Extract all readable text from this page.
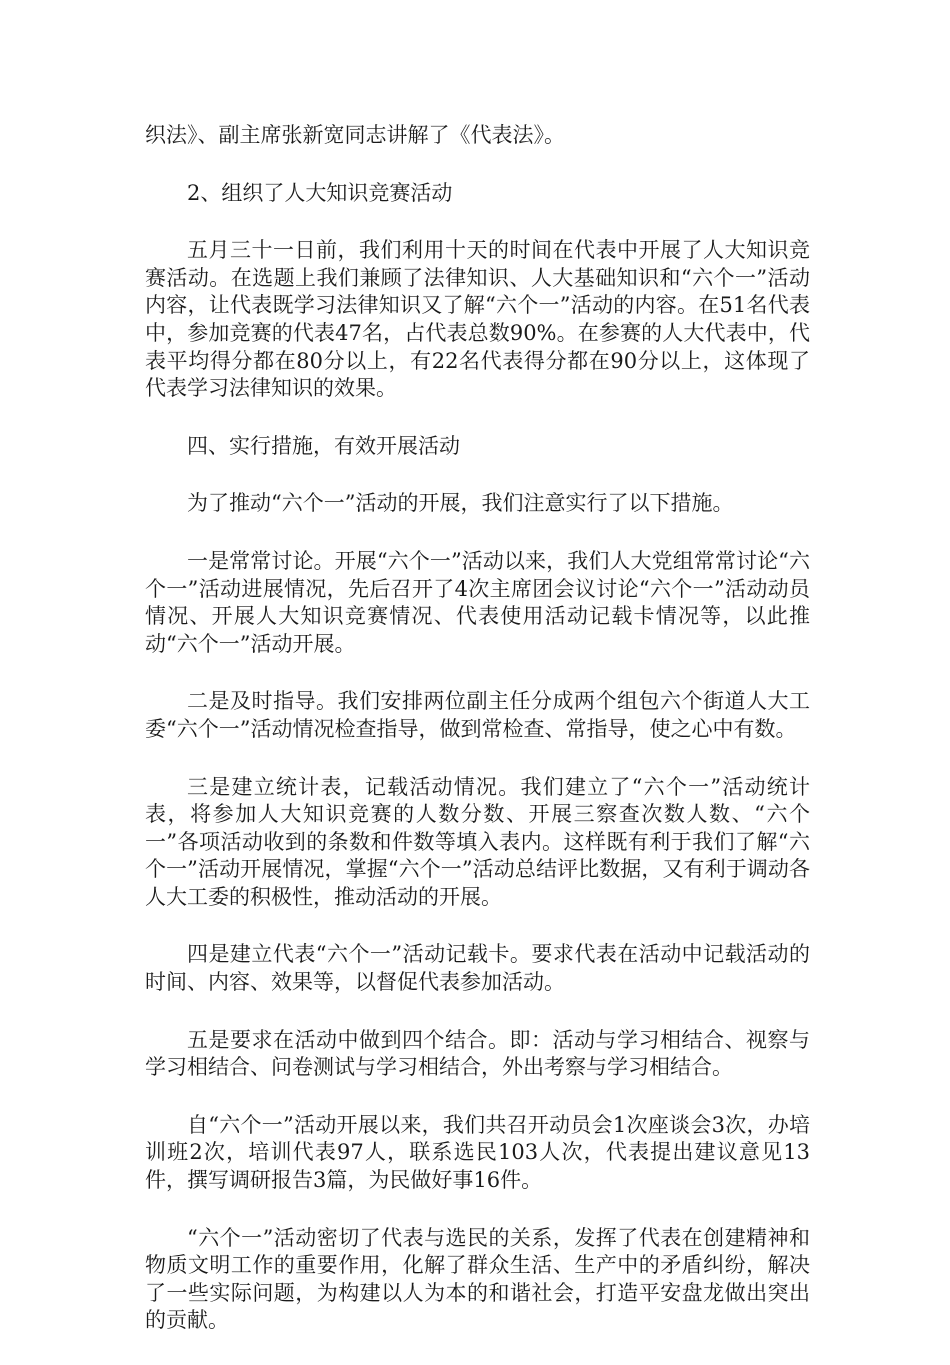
织法》、副主席张新宽同志讲解了《代表法》。

2、组织了人大知识竞赛活动

五月三十一日前，我们利用十天的时间在代表中开展了人大知识竞赛活动。在选题上我们兼顾了法律知识、人大基础知识和“六个一”活动内容，让代表既学习法律知识又了解“六个一”活动的内容。在51名代表中，参加竞赛的代表47名，占代表总数90%。在参赛的人大代表中，代表平均得分都在80分以上，有22名代表得分都在90分以上，这体现了代表学习法律知识的效果。

四、实行措施，有效开展活动

为了推动“六个一”活动的开展，我们注意实行了以下措施。

一是常常讨论。开展“六个一”活动以来，我们人大党组常常讨论“六个一”活动进展情况，先后召开了4次主席团会议讨论“六个一”活动动员情况、开展人大知识竞赛情况、代表使用活动记载卡情况等，以此推动“六个一”活动开展。

二是及时指导。我们安排两位副主任分成两个组包六个街道人大工委“六个一”活动情况检查指导，做到常检查、常指导，使之心中有数。

三是建立统计表，记载活动情况。我们建立了“六个一”活动统计表，将参加人大知识竞赛的人数分数、开展三察查次数人数、“六个一”各项活动收到的条数和件数等填入表内。这样既有利于我们了解“六个一”活动开展情况，掌握“六个一”活动总结评比数据，又有利于调动各人大工委的积极性，推动活动的开展。

四是建立代表“六个一”活动记载卡。要求代表在活动中记载活动的时间、内容、效果等，以督促代表参加活动。

五是要求在活动中做到四个结合。即：活动与学习相结合、视察与学习相结合、问卷测试与学习相结合，外出考察与学习相结合。

自“六个一”活动开展以来，我们共召开动员会1次座谈会3次，办培训班2次，培训代表97人，联系选民103人次，代表提出建议意见13件，撰写调研报告3篇，为民做好事16件。

“六个一”活动密切了代表与选民的关系，发挥了代表在创建精神和物质文明工作的重要作用，化解了群众生活、生产中的矛盾纠纷，解决了一些实际问题，为构建以人为本的和谐社会，打造平安盘龙做出突出的贡献。
